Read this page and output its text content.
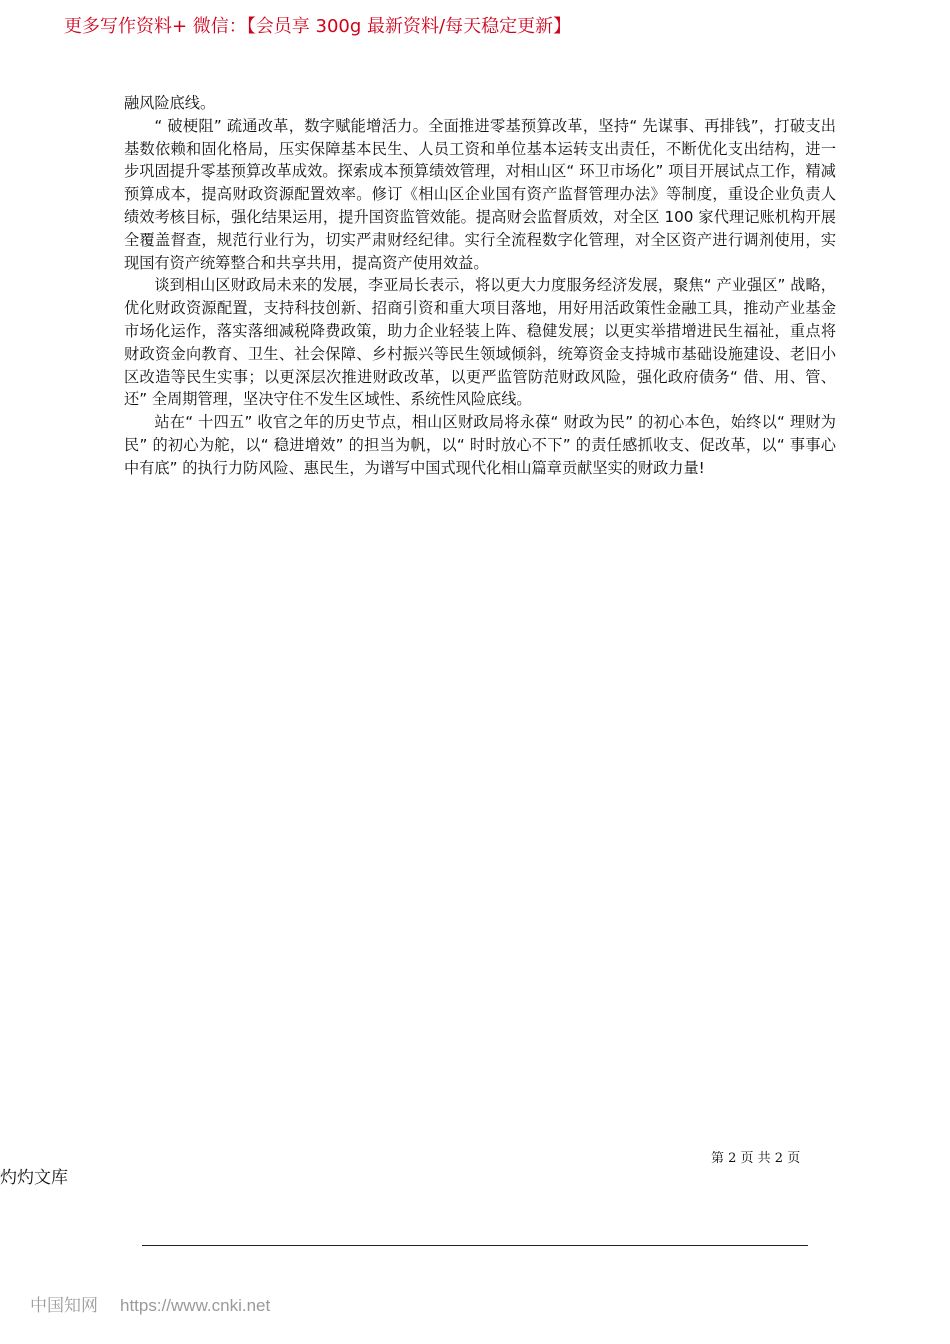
更多写作资料+ 微信：【会员享 300g 最新资料/每天稳定更新】

融风险底线。

“ 破梗阻” 疏通改革，数字赋能增活力。全面推进零基预算改革，坚持“ 先谋事、再排钱”，打破支出基数依赖和固化格局，压实保障基本民生、人员工资和单位基本运转支出责任，不断优化支出结构，进一步巩固提升零基预算改革成效。探索成本预算绩效管理，对相山区“ 环卫市场化” 项目开展试点工作，精减预算成本，提高财政资源配置效率。修订《相山区企业国有资产监督管理办法》等制度，重设企业负责人绩效考核目标，强化结果运用，提升国资监管效能。提高财会监督质效，对全区 100 家代理记账机构开展全覆盖督查，规范行业行为，切实严肃财经纪律。实行全流程数字化管理，对全区资产进行调剂使用，实现国有资产统筹整合和共享共用，提高资产使用效益。

谈到相山区财政局未来的发展，李亚局长表示，将以更大力度服务经济发展，聚焦“ 产业强区” 战略，优化财政资源配置，支持科技创新、招商引资和重大项目落地，用好用活政策性金融工具，推动产业基金市场化运作，落实落细减税降费政策，助力企业轻装上阵、稳健发展；以更实举措增进民生福祉，重点将财政资金向教育、卫生、社会保障、乡村振兴等民生领域倾斜，统筹资金支持城市基础设施建设、老旧小区改造等民生实事；以更深层次推进财政改革，以更严监管防范财政风险，强化政府债务“ 借、用、管、还” 全周期管理，坚决守住不发生区域性、系统性风险底线。

站在“ 十四五” 收官之年的历史节点，相山区财政局将永葆“ 财政为民” 的初心本色，始终以“ 理财为民” 的初心为舵，以“ 稳进增效” 的担当为帆，以“ 时时放心不下” 的责任感抓收支、促改革，以“ 事事心中有底” 的执行力防风险、惠民生，为谱写中国式现代化相山篇章贡献坚实的财政力量!

第 2 页 共 2 页
灼灼文库
中国知网 https://www.cnki.net
